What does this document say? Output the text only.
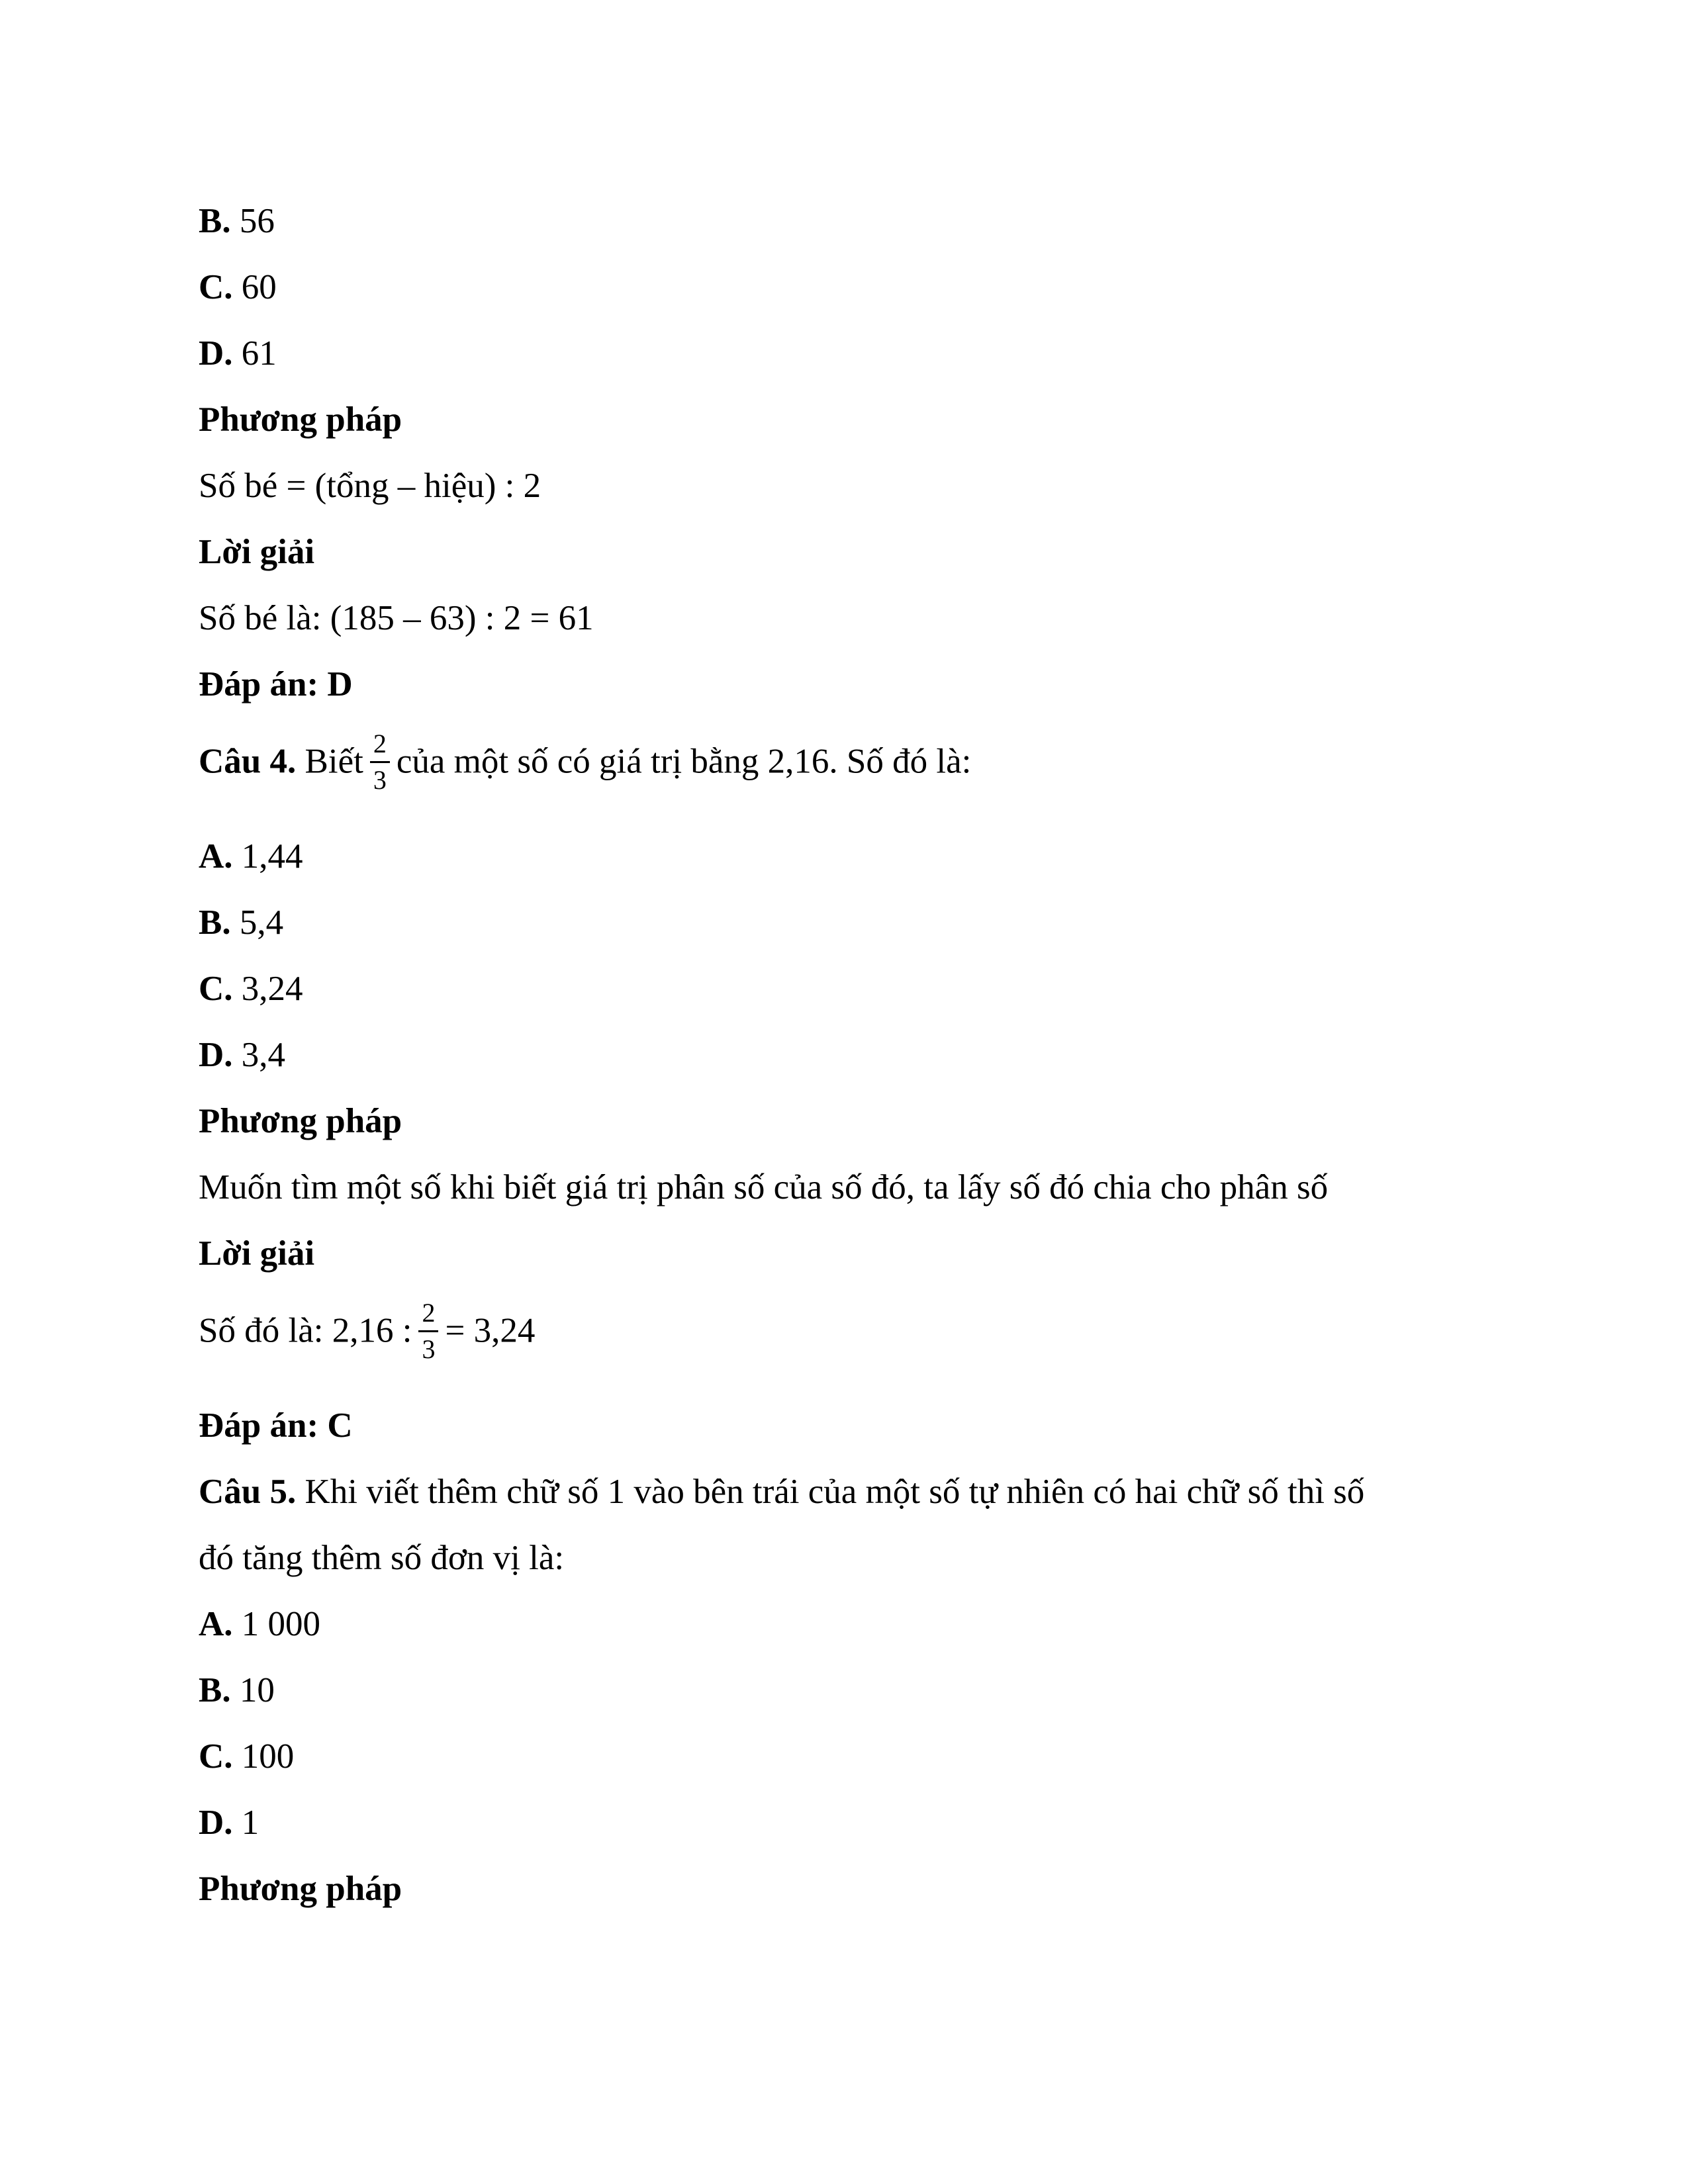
B. 56
C. 60
D. 61
Phương pháp
Số bé = (tổng – hiệu) : 2
Lời giải
Số bé là: (185 – 63) : 2 = 61
Đáp án: D
Câu 4. Biết $\frac{2}{3}$ của một số có giá trị bằng 2,16. Số đó là:
A. 1,44
B. 5,4
C. 3,24
D. 3,4
Phương pháp
Muốn tìm một số khi biết giá trị phân số của số đó, ta lấy số đó chia cho phân số
Lời giải
Số đó là: 2,16 : $\frac{2}{3} = 3,24$
Đáp án: C
Câu 5. Khi viết thêm chữ số 1 vào bên trái của một số tự nhiên có hai chữ số thì số
đó tăng thêm số đơn vị là:
A. 1 000
B. 10
C. 100
D. 1
Phương pháp
